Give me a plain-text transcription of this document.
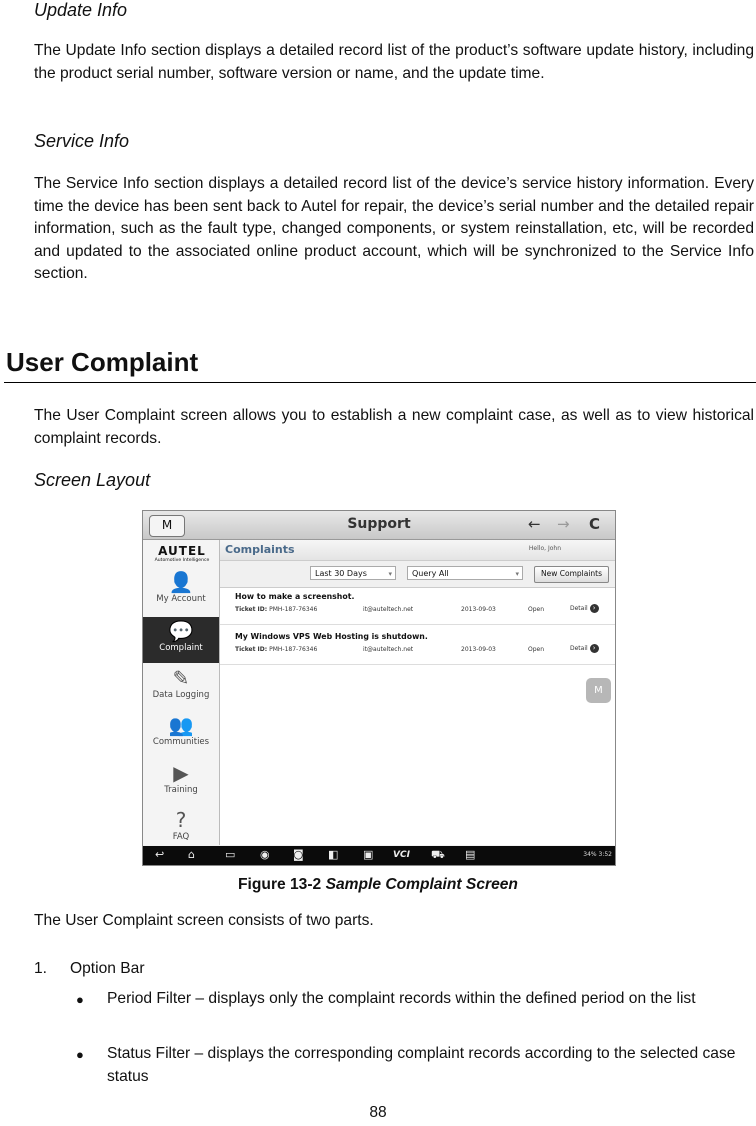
Update Info

The Update Info section displays a detailed record list of the product’s software update history, including the product serial number, software version or name, and the update time.

Service Info

The Service Info section displays a detailed record list of the device’s service history information. Every time the device has been sent back to Autel for repair, the device’s serial number and the detailed repair information, such as the fault type, changed components, or system reinstallation, etc, will be recorded and updated to the associated online product account, which will be synchronized to the Service Info section.

User Complaint

The User Complaint screen allows you to establish a new complaint case, as well as to view historical complaint records.

Screen Layout
M	Support	← → C
AUTEL
Automotive Intelligence
👤
My Account
💬
Complaint
✎
Data Logging
👥
Communities
▶
Training
?
FAQ
Complaints	Hello, John
Last 30 Days	▾	Query All	▾	New Complaints
How to make a screenshot.
Ticket ID: PMH-187-76346	it@auteltech.net	2013-09-03	Open	Detail ›
My Windows VPS Web Hosting is shutdown.
Ticket ID: PMH-187-76346	it@auteltech.net	2013-09-03	Open	Detail ›
M
↩ ⌂	▭ ◉ ◙ ◧ ▣ VCI ⛟ ▤	34% 3:52
Figure 13-2 Sample Complaint Screen

The User Complaint screen consists of two parts.

1. Option Bar

● Period Filter – displays only the complaint records within the defined period on the list

● Status Filter – displays the corresponding complaint records according to the selected case status

88
